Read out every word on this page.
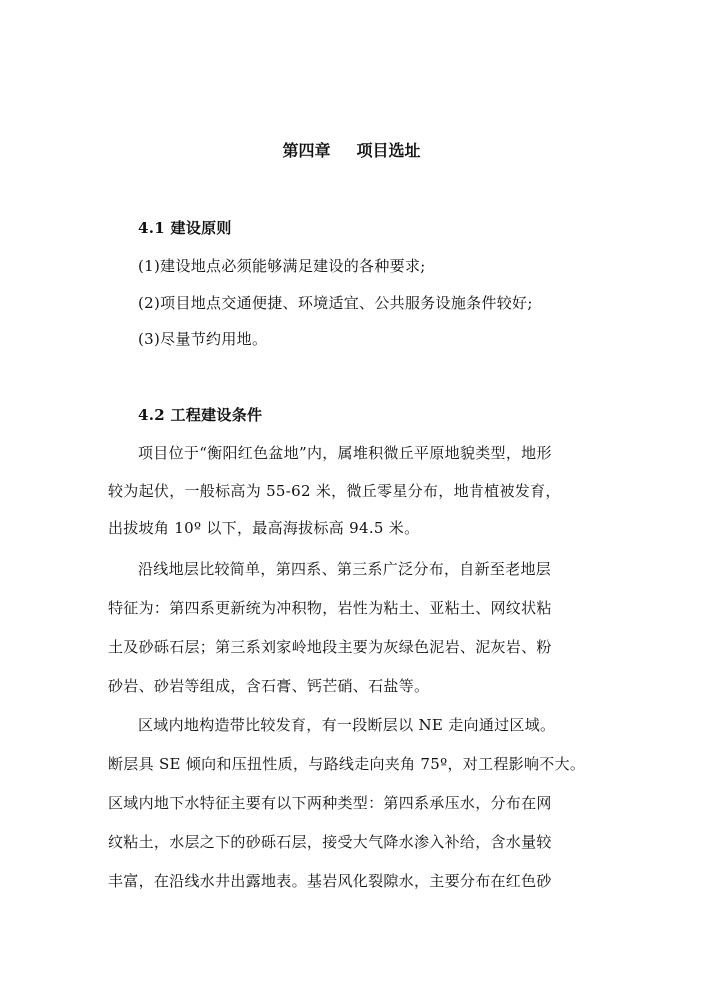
第四章 项目选址
4.1 建设原则
(1)建设地点必须能够满足建设的各种要求;
(2)项目地点交通便捷、环境适宜、公共服务设施条件较好;
(3)尽量节约用地。
4.2 工程建设条件
项目位于“衡阳红色盆地”内，属堆积微丘平原地貌类型，地形
较为起伏，一般标高为 55-62 米，微丘零星分布，地肯植被发育，
出拔坡角 10º 以下，最高海拔标高 94.5 米。
沿线地层比较简单，第四系、第三系广泛分布，自新至老地层
特征为：第四系更新统为冲积物，岩性为粘土、亚粘土、网纹状粘
土及砂砾石层；第三系刘家岭地段主要为灰绿色泥岩、泥灰岩、粉
砂岩、砂岩等组成，含石膏、钙芒硝、石盐等。
区域内地构造带比较发育，有一段断层以 NE 走向通过区域。
断层具 SE 倾向和压扭性质，与路线走向夹角 75º，对工程影响不大。
区域内地下水特征主要有以下两种类型：第四系承压水，分布在网
纹粘土，水层之下的砂砾石层，接受大气降水渗入补给，含水量较
丰富，在沿线水井出露地表。基岩风化裂隙水，主要分布在红色砂
